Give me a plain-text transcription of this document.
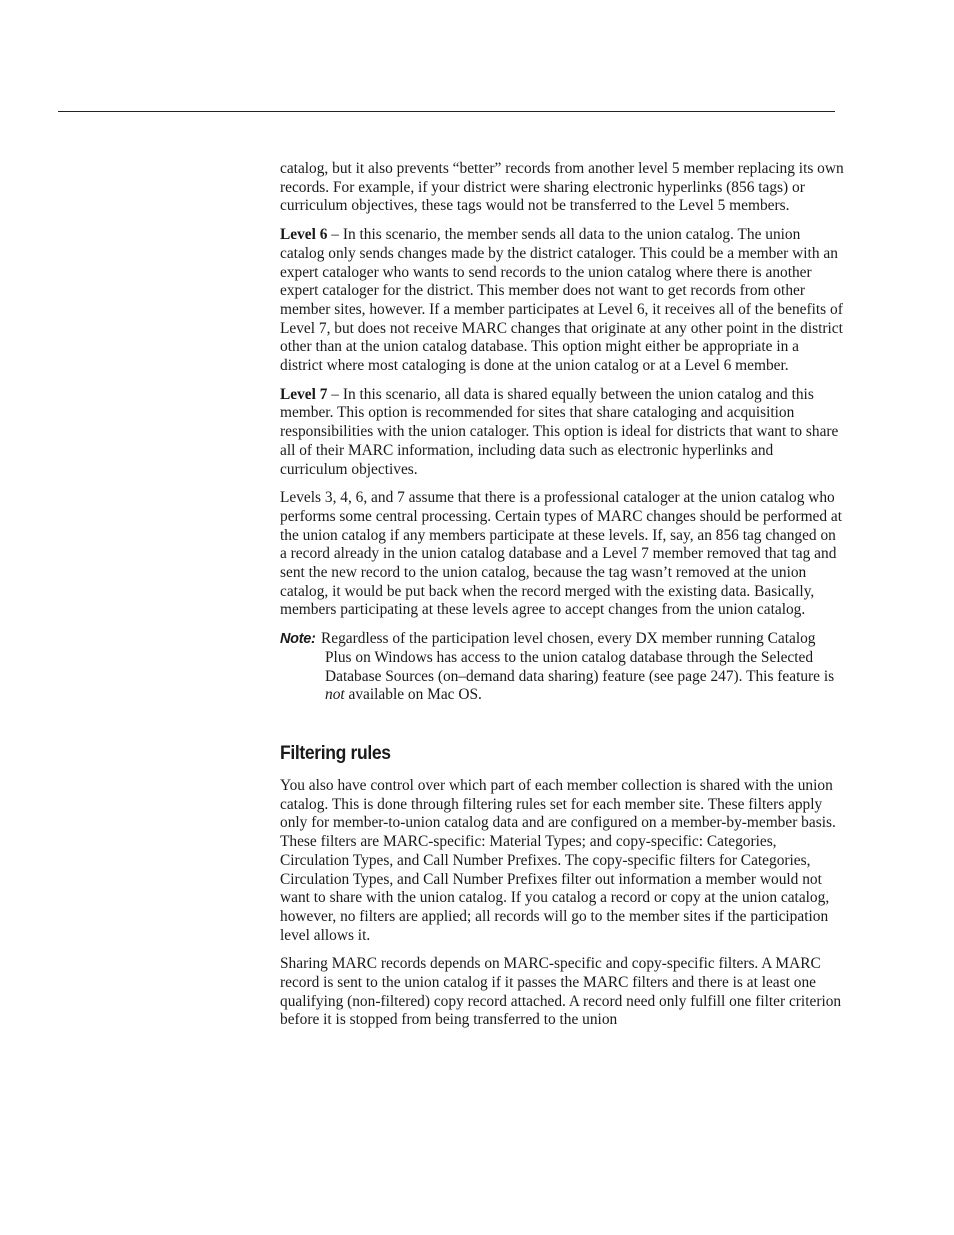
catalog, but it also prevents “better” records from another level 5 member replacing its own records. For example, if your district were sharing electronic hyperlinks (856 tags) or curriculum objectives, these tags would not be transferred to the Level 5 members.

Level 6 – In this scenario, the member sends all data to the union catalog. The union catalog only sends changes made by the district cataloger. This could be a member with an expert cataloger who wants to send records to the union catalog where there is another expert cataloger for the district. This member does not want to get records from other member sites, however. If a member participates at Level 6, it receives all of the benefits of Level 7, but does not receive MARC changes that originate at any other point in the district other than at the union catalog database. This option might either be appropriate in a district where most cataloging is done at the union catalog or at a Level 6 member.

Level 7 – In this scenario, all data is shared equally between the union catalog and this member. This option is recommended for sites that share cataloging and acquisition responsibilities with the union cataloger. This option is ideal for districts that want to share all of their MARC information, including data such as electronic hyperlinks and curriculum objectives.

Levels 3, 4, 6, and 7 assume that there is a professional cataloger at the union catalog who performs some central processing. Certain types of MARC changes should be performed at the union catalog if any members participate at these levels. If, say, an 856 tag changed on a record already in the union catalog database and a Level 7 member removed that tag and sent the new record to the union catalog, because the tag wasn’t removed at the union catalog, it would be put back when the record merged with the existing data. Basically, members participating at these levels agree to accept changes from the union catalog.

Note: Regardless of the participation level chosen, every DX member running Catalog Plus on Windows has access to the union catalog database through the Selected Database Sources (on–demand data sharing) feature (see page 247). This feature is not available on Mac OS.

Filtering rules

You also have control over which part of each member collection is shared with the union catalog. This is done through filtering rules set for each member site. These filters apply only for member-to-union catalog data and are configured on a member-by-member basis. These filters are MARC-specific: Material Types; and copy-specific: Categories, Circulation Types, and Call Number Prefixes. The copy-specific filters for Categories, Circulation Types, and Call Number Prefixes filter out information a member would not want to share with the union catalog. If you catalog a record or copy at the union catalog, however, no filters are applied; all records will go to the member sites if the participation level allows it.

Sharing MARC records depends on MARC-specific and copy-specific filters. A MARC record is sent to the union catalog if it passes the MARC filters and there is at least one qualifying (non-filtered) copy record attached. A record need only fulfill one filter criterion before it is stopped from being transferred to the union
